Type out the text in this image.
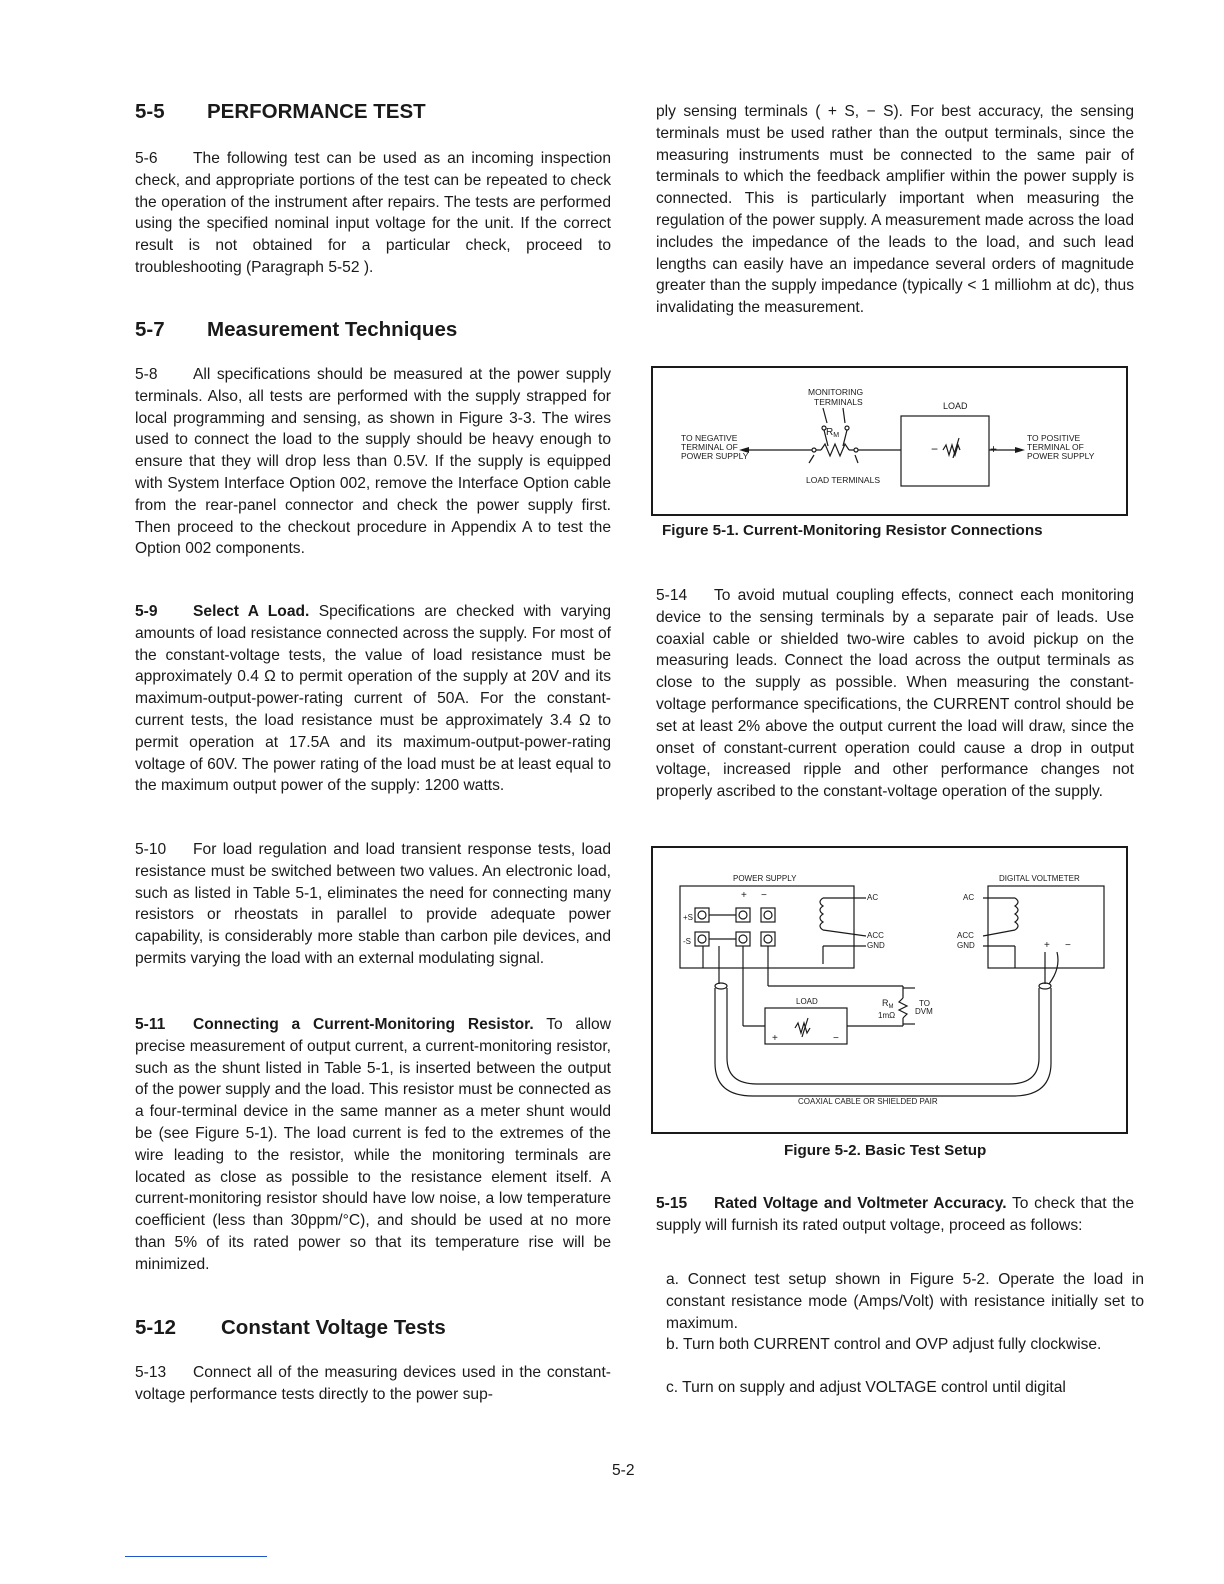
5-5 PERFORMANCE TEST

5-6 The following test can be used as an incoming inspection check, and appropriate portions of the test can be repeated to check the operation of the instrument after repairs. The tests are performed using the specified nominal input voltage for the unit. If the correct result is not obtained for a particular check, proceed to troubleshooting (Paragraph 5-52 ).

5-7 Measurement Techniques

5-8 All specifications should be measured at the power supply terminals. Also, all tests are performed with the supply strapped for local programming and sensing, as shown in Figure 3-3. The wires used to connect the load to the supply should be heavy enough to ensure that they will drop less than 0.5V. If the supply is equipped with System Interface Option 002, remove the Interface Option cable from the rear-panel connector and check the power supply first. Then proceed to the checkout procedure in Appendix A to test the Option 002 components.

5-9 Select A Load. Specifications are checked with varying amounts of load resistance connected across the supply. For most of the constant-voltage tests, the value of load resistance must be approximately 0.4 Ω to permit operation of the supply at 20V and its maximum-output-power-rating current of 50A. For the constant-current tests, the load resistance must be approximately 3.4 Ω to permit operation at 17.5A and its maximum-output-power-rating voltage of 60V. The power rating of the load must be at least equal to the maximum output power of the supply: 1200 watts.

5-10 For load regulation and load transient response tests, load resistance must be switched between two values. An electronic load, such as listed in Table 5-1, eliminates the need for connecting many resistors or rheostats in parallel to provide adequate power capability, is considerably more stable than carbon pile devices, and permits varying the load with an external modulating signal.

5-11 Connecting a Current-Monitoring Resistor. To allow precise measurement of output current, a current-monitoring resistor, such as the shunt listed in Table 5-1, is inserted between the output of the power supply and the load. This resistor must be connected as a four-terminal device in the same manner as a meter shunt would be (see Figure 5-1). The load current is fed to the extremes of the wire leading to the resistor, while the monitoring terminals are located as close as possible to the resistance element itself. A current-monitoring resistor should have low noise, a low temperature coefficient (less than 30ppm/°C), and should be used at no more than 5% of its rated power so that its temperature rise will be minimized.

5-12 Constant Voltage Tests

5-13 Connect all of the measuring devices used in the constant-voltage performance tests directly to the power sup-

ply sensing terminals ( + S, − S). For best accuracy, the sensing terminals must be used rather than the output terminals, since the measuring instruments must be connected to the same pair of terminals to which the feedback amplifier within the power supply is connected. This is particularly important when measuring the regulation of the power supply. A measurement made across the load includes the impedance of the leads to the load, and such lead lengths can easily have an impedance several orders of magnitude greater than the supply impedance (typically < 1 milliohm at dc), thus invalidating the measurement.

MONITORING
TERMINALS	LOAD
TO NEGATIVE
TERMINAL OF
POWER SUPPLY
TO POSITIVE
TERMINAL OF
POWER SUPPLY
LOAD TERMINALS
$R_M$
−	+
Figure 5-1. Current-Monitoring Resistor Connections

5-14 To avoid mutual coupling effects, connect each monitoring device to the sensing terminals by a separate pair of leads. Use coaxial cable or shielded two-wire cables to avoid pickup on the measuring leads. Connect the load across the output terminals as close to the supply as possible. When measuring the constant-voltage performance specifications, the CURRENT control should be set at least 2% above the output current the load will draw, since the onset of constant-current operation could cause a drop in output voltage, increased ripple and other performance changes not properly ascribed to the constant-voltage operation of the supply.

POWER SUPPLY	DIGITAL VOLTMETER
AC
ACC
GND
AC
ACC
GND
+S
-S
+ −
+ −
LOAD	$R_M$
1mΩ
TO
DVM
COAXIAL CABLE OR SHIELDED PAIR
+	−
Figure 5-2. Basic Test Setup

5-15 Rated Voltage and Voltmeter Accuracy. To check that the supply will furnish its rated output voltage, proceed as follows:

a. Connect test setup shown in Figure 5-2. Operate the load in constant resistance mode (Amps/Volt) with resistance initially set to maximum.

b. Turn both CURRENT control and OVP adjust fully clockwise.

c. Turn on supply and adjust VOLTAGE control until digital

5-2
